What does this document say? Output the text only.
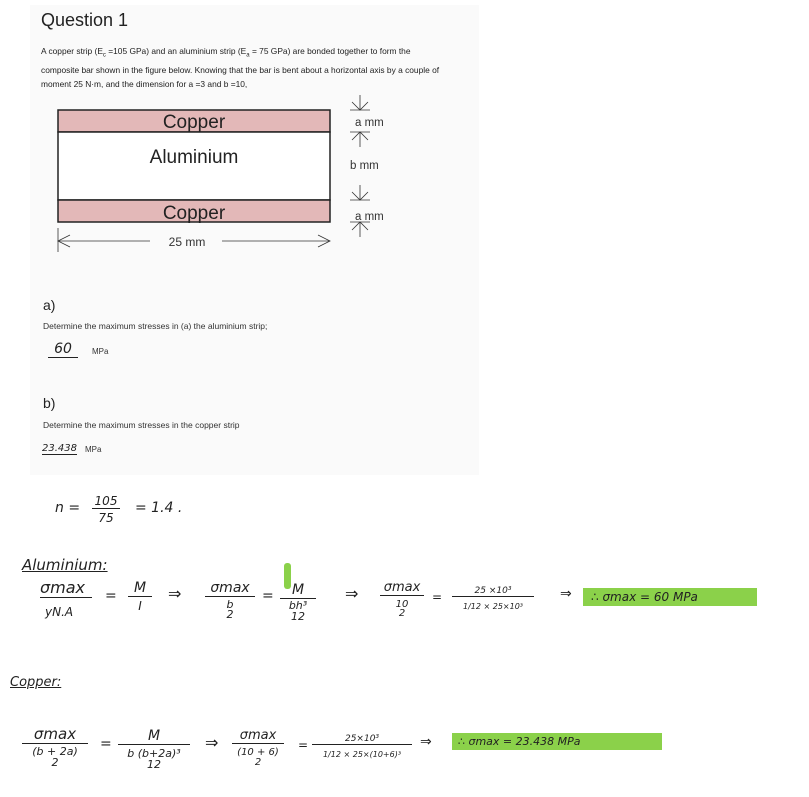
Question 1
A copper strip ($E_c =105$ GPa) and an aluminium strip ($E_a = 75$ GPa) are bonded together to form the
composite bar shown in the figure below. Knowing that the bar is bent about a horizontal axis by a couple of
moment 25 N·m, and the dimension for a =3 and b =10,
Copper
Aluminium
Copper
25 mm
a mm
b mm
a mm
a)
Determine the maximum stresses in (a) the aluminium strip;
60	MPa
b)
Determine the maximum stresses in the copper strip
23.438 MPa
n = 105
75
= 1.4 .
Aluminium:
σmax
yN.A
=	M
I
⇒	σmax
b
2
=	M
bh³
12
⇒ σmax
10
2
=	25 ×10³
1/12 × 25×10³
⇒	∴ σmax = 60 MPa
Copper:
σmax
(b + 2a)
2
=	M
b (b+2a)³
12
⇒	σmax
(10 + 6)
2
=	25×10³
1/12 × 25×(10+6)³
⇒	∴ σmax = 23.438 MPa
